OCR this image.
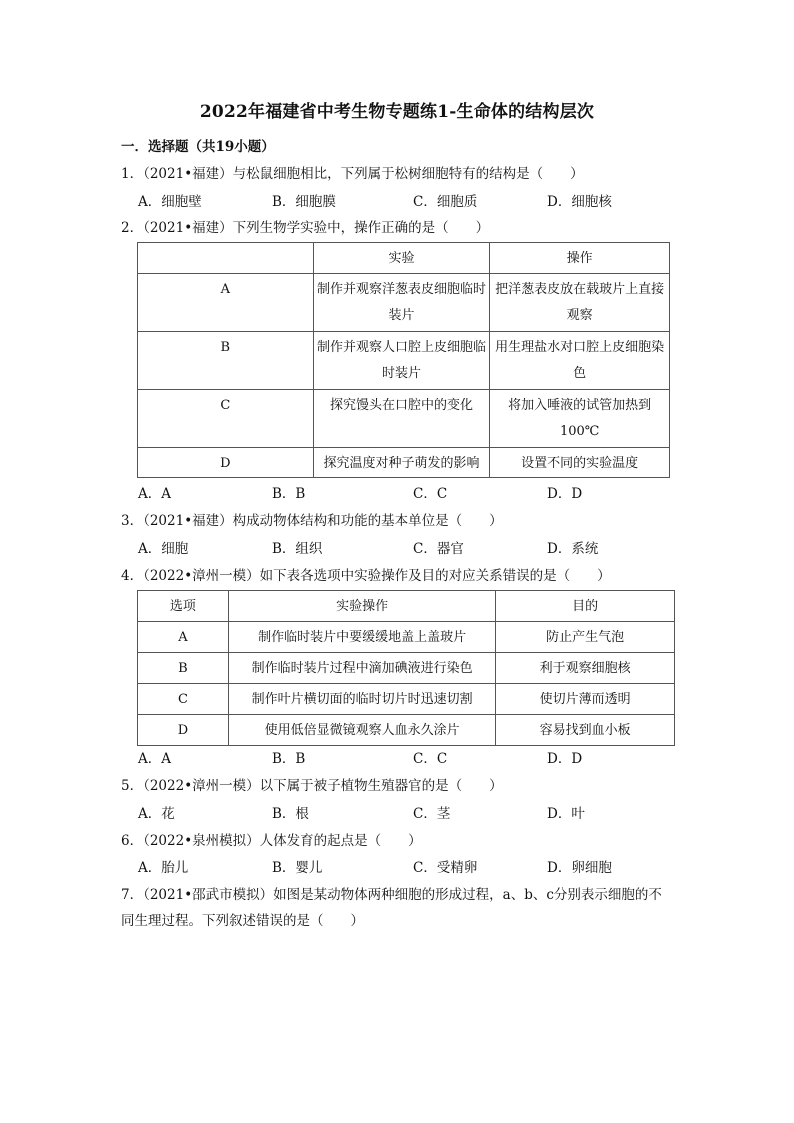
2022年福建省中考生物专题练1-生命体的结构层次
一．选择题（共19小题）
1．（2021•福建）与松鼠细胞相比，下列属于松树细胞特有的结构是（　　）
A．细胞壁	B．细胞膜	C．细胞质	D．细胞核
2．（2021•福建）下列生物学实验中，操作正确的是（　　）
	实验	操作
A	制作并观察洋葱表皮细胞临时装片	把洋葱表皮放在载玻片上直接观察
B	制作并观察人口腔上皮细胞临时装片	用生理盐水对口腔上皮细胞染色
C	探究馒头在口腔中的变化	将加入唾液的试管加热到100℃
D	探究温度对种子萌发的影响	设置不同的实验温度
A．A	B．B	C．C	D．D
3．（2021•福建）构成动物体结构和功能的基本单位是（　　）
A．细胞	B．组织	C．器官	D．系统
4．（2022•漳州一模）如下表各选项中实验操作及目的对应关系错误的是（　　）
选项	实验操作	目的
A	制作临时装片中要缓缓地盖上盖玻片	防止产生气泡
B	制作临时装片过程中滴加碘液进行染色	利于观察细胞核
C	制作叶片横切面的临时切片时迅速切割	使切片薄而透明
D	使用低倍显微镜观察人血永久涂片	容易找到血小板
A．A	B．B	C．C	D．D
5．（2022•漳州一模）以下属于被子植物生殖器官的是（　　）
A．花	B．根	C．茎	D．叶
6．（2022•泉州模拟）人体发育的起点是（　　）
A．胎儿	B．婴儿	C．受精卵	D．卵细胞
7．（2021•邵武市模拟）如图是某动物体两种细胞的形成过程，a、b、c分别表示细胞的不
同生理过程。下列叙述错误的是（　　）
